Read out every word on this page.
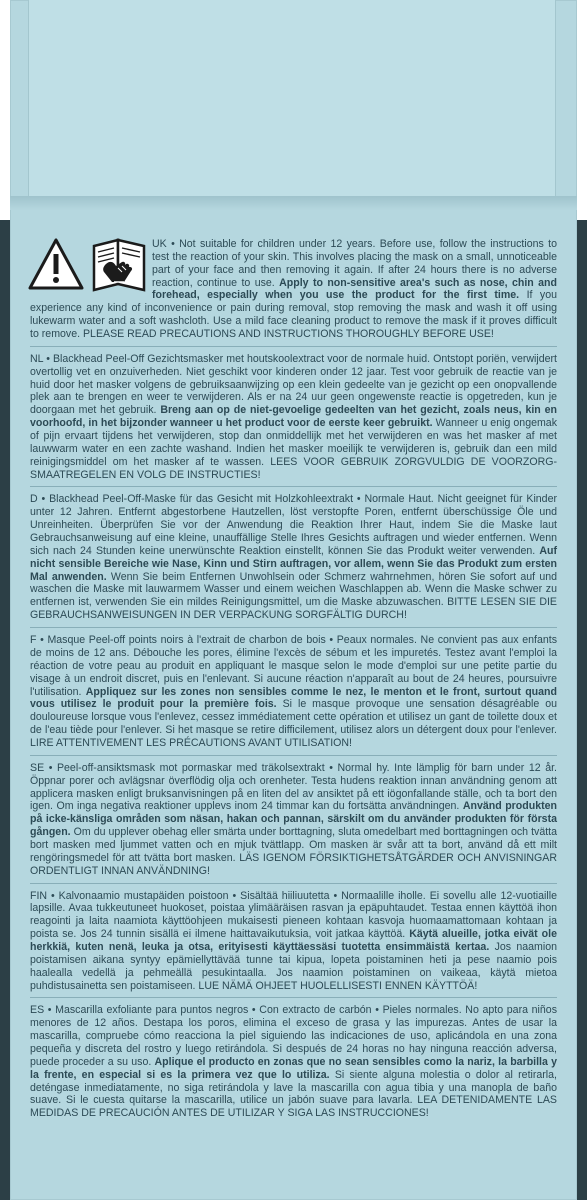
UK • Not suitable for children under 12 years. Before use, follow the instructions to test the reaction of your skin. This involves placing the mask on a small, unnoticeable part of your face and then removing it again. If after 24 hours there is no adverse reaction, continue to use. Apply to non-sensitive area's such as nose, chin and forehead, especially when you use the product for the first time. If you experience any kind of inconvenience or pain during removal, stop removing the mask and wash it off using lukewarm water and a soft washcloth. Use a mild face cleaning product to remove the mask if it proves difficult to remove. PLEASE READ PRECAUTIONS AND INSTRUCTIONS THOROUGHLY BEFORE USE!
NL • Blackhead Peel-Off Gezichtsmasker met houtskoolextract voor de normale huid. Ontstopt poriën, verwijdert overtollig vet en onzuiverheden. Niet geschikt voor kinderen onder 12 jaar. Test voor gebruik de reactie van je huid door het masker volgens de gebruiksaanwijzing op een klein gedeelte van je gezicht op een onopvallende plek aan te brengen en weer te verwijderen. Als er na 24 uur geen ongewenste reactie is opgetreden, kun je doorgaan met het gebruik. Breng aan op de niet-gevoelige gedeelten van het gezicht, zoals neus, kin en voorhoofd, in het bijzonder wanneer u het product voor de eerste keer gebruikt. Wanneer u enig ongemak of pijn ervaart tijdens het verwijderen, stop dan onmiddellijk met het verwijderen en was het masker af met lauwwarm water en een zachte washand. Indien het masker moeilijk te verwijderen is, gebruik dan een mild reinigingsmiddel om het masker af te wassen. LEES VOOR GEBRUIK ZORGVULDIG DE VOORZORG-SMAATREGELEN EN VOLG DE INSTRUCTIES!
D • Blackhead Peel-Off-Maske für das Gesicht mit Holzkohleextrakt • Normale Haut. Nicht geeignet für Kinder unter 12 Jahren. Entfernt abgestorbene Hautzellen, löst verstopfte Poren, entfernt überschüssige Öle und Unreinheiten. Überprüfen Sie vor der Anwendung die Reaktion Ihrer Haut, indem Sie die Maske laut Gebrauchsanweisung auf eine kleine, unauffällige Stelle Ihres Gesichts auftragen und wieder entfernen. Wenn sich nach 24 Stunden keine unerwünschte Reaktion einstellt, können Sie das Produkt weiter verwenden. Auf nicht sensible Bereiche wie Nase, Kinn und Stirn auftragen, vor allem, wenn Sie das Produkt zum ersten Mal anwenden. Wenn Sie beim Entfernen Unwohlsein oder Schmerz wahrnehmen, hören Sie sofort auf und waschen die Maske mit lauwarmem Wasser und einem weichen Waschlappen ab. Wenn die Maske schwer zu entfernen ist, verwenden Sie ein mildes Reinigungsmittel, um die Maske abzuwaschen. BITTE LESEN SIE DIE GEBRAUCHSANWEISUNGEN IN DER VERPACKUNG SORGFÄLTIG DURCH!
F • Masque Peel-off points noirs à l'extrait de charbon de bois • Peaux normales. Ne convient pas aux enfants de moins de 12 ans. Débouche les pores, élimine l'excès de sébum et les impuretés. Testez avant l'emploi la réaction de votre peau au produit en appliquant le masque selon le mode d'emploi sur une petite partie du visage à un endroit discret, puis en l'enlevant. Si aucune réaction n'apparaît au bout de 24 heures, poursuivre l'utilisation. Appliquez sur les zones non sensibles comme le nez, le menton et le front, surtout quand vous utilisez le produit pour la première fois. Si le masque provoque une sensation désagréable ou douloureuse lorsque vous l'enlevez, cessez immédiatement cette opération et utilisez un gant de toilette doux et de l'eau tiède pour l'enlever. Si het masque se retire difficilement, utilisez alors un détergent doux pour l'enlever. LIRE ATTENTIVEMENT LES PRÉCAUTIONS AVANT UTILISATION!
SE • Peel-off-ansiktsmask mot pormaskar med träkolsextrakt • Normal hy. Inte lämplig för barn under 12 år. Öppnar porer och avlägsnar överflödig olja och orenheter. Testa hudens reaktion innan användning genom att applicera masken enligt bruksanvisningen på en liten del av ansiktet på ett iögonfallande ställe, och ta bort den igen. Om inga negativa reaktioner upplevs inom 24 timmar kan du fortsätta användningen. Använd produkten på icke-känsliga områden som näsan, hakan och pannan, särskilt om du använder produkten för första gången. Om du upplever obehag eller smärta under borttagning, sluta omedelbart med borttagningen och tvätta bort masken med ljummet vatten och en mjuk tvättlapp. Om masken är svår att ta bort, använd då ett milt rengöringsmedel för att tvätta bort masken. LÄS IGENOM FÖRSIKTIGHETSÅTGÄRDER OCH ANVISNINGAR ORDENTLIGT INNAN ANVÄNDNING!
FIN • Kalvonaamio mustapäiden poistoon • Sisältää hiiliuutetta • Normaalille iholle. Ei sovellu alle 12-vuotiaille lapsille. Avaa tukkeutuneet huokoset, poistaa ylimääräisen rasvan ja epäpuhtaudet. Testaa ennen käyttöä ihon reagointi ja laita naamiota käyttöohjeen mukaisesti pieneen kohtaan kasvoja huomaamattomaan kohtaan ja poista se. Jos 24 tunnin sisällä ei ilmene haittavaikutuksia, voit jatkaa käyttöä. Käytä alueille, jotka eivät ole herkkiä, kuten nenä, leuka ja otsa, erityisesti käyttäessäsi tuotetta ensimmäistä kertaa. Jos naamion poistamisen aikana syntyy epämiellyttävää tunne tai kipua, lopeta poistaminen heti ja pese naamio pois haalealla vedellä ja pehmeällä pesukintaalla. Jos naamion poistaminen on vaikeaa, käytä mietoa puhdistusainetta sen poistamiseen. LUE NÄMÄ OHJEET HUOLELLISESTI ENNEN KÄYTTÖÄ!
ES • Mascarilla exfoliante para puntos negros • Con extracto de carbón • Pieles normales. No apto para niños menores de 12 años. Destapa los poros, elimina el exceso de grasa y las impurezas. Antes de usar la mascarilla, compruebe cómo reacciona la piel siguiendo las indicaciones de uso, aplicándola en una zona pequeña y discreta del rostro y luego retirándola. Si después de 24 horas no hay ninguna reacción adversa, puede proceder a su uso. Aplique el producto en zonas que no sean sensibles como la nariz, la barbilla y la frente, en especial si es la primera vez que lo utiliza. Si siente alguna molestia o dolor al retirarla, deténgase inmediatamente, no siga retirándola y lave la mascarilla con agua tibia y una manopla de baño suave. Si le cuesta quitarse la mascarilla, utilice un jabón suave para lavarla. LEA DETENIDAMENTE LAS MEDIDAS DE PRECAUCIÓN ANTES DE UTILIZAR Y SIGA LAS INSTRUCCIONES!
